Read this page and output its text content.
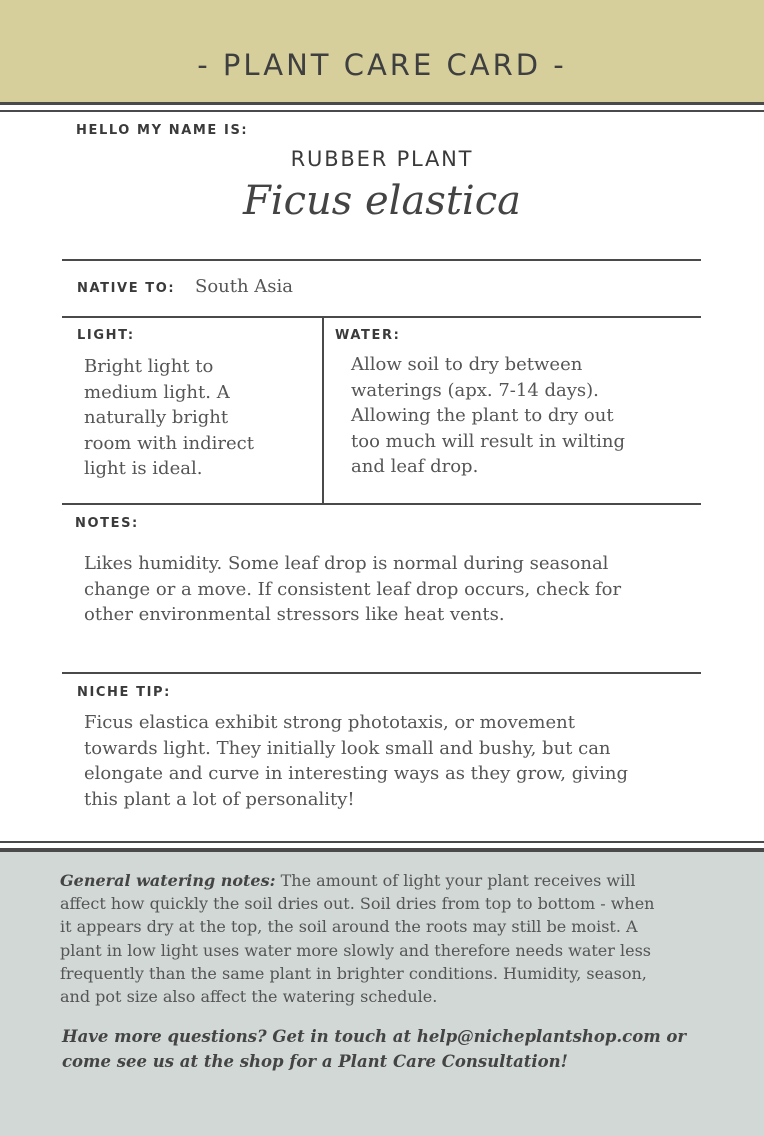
- PLANT CARE CARD -
HELLO MY NAME IS:
RUBBER PLANT
Ficus elastica
NATIVE TO: South Asia
LIGHT:
Bright light to
medium light. A
naturally bright
room with indirect
light is ideal.
WATER:
Allow soil to dry between
waterings (apx. 7-14 days).
Allowing the plant to dry out
too much will result in wilting
and leaf drop.
NOTES:
Likes humidity. Some leaf drop is normal during seasonal
change or a move. If consistent leaf drop occurs, check for
other environmental stressors like heat vents.
NICHE TIP:
Ficus elastica exhibit strong phototaxis, or movement
towards light. They initially look small and bushy, but can
elongate and curve in interesting ways as they grow, giving
this plant a lot of personality!
General watering notes: The amount of light your plant receives will
affect how quickly the soil dries out. Soil dries from top to bottom - when
it appears dry at the top, the soil around the roots may still be moist. A
plant in low light uses water more slowly and therefore needs water less
frequently than the same plant in brighter conditions. Humidity, season,
and pot size also affect the watering schedule.
Have more questions? Get in touch at help@nicheplantshop.com or
come see us at the shop for a Plant Care Consultation!
